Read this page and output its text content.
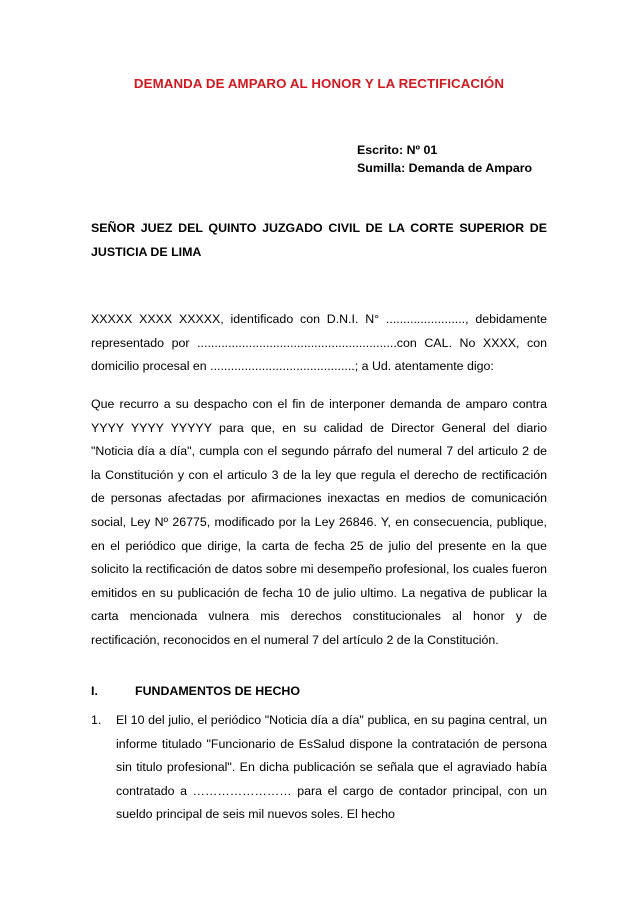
DEMANDA DE AMPARO AL HONOR Y LA RECTIFICACIÓN
Escrito: Nº 01
Sumilla: Demanda de Amparo
SEÑOR JUEZ DEL QUINTO JUZGADO CIVIL DE LA CORTE SUPERIOR DE JUSTICIA DE LIMA
XXXXX XXXX XXXXX, identificado con D.N.I. N° ......................., debidamente representado por ..........................................................con CAL. No XXXX, con domicilio procesal en ..........................................; a Ud. atentamente digo:
Que recurro a su despacho con el fin de interponer demanda de amparo contra YYYY YYYY YYYYY para que, en su calidad de Director General del diario "Noticia día a día", cumpla con el segundo párrafo del numeral 7 del articulo 2 de la Constitución y con el articulo 3 de la ley que regula el derecho de rectificación de personas afectadas por afirmaciones inexactas en medios de comunicación social, Ley Nº 26775, modificado por la Ley 26846. Y, en consecuencia, publique, en el periódico que dirige, la carta de fecha 25 de julio del presente en la que solicito la rectificación de datos sobre mi desempeño profesional, los cuales fueron emitidos en su publicación de fecha 10 de julio ultimo. La negativa de publicar la carta mencionada vulnera mis derechos constitucionales al honor y de rectificación, reconocidos en el numeral 7 del artículo 2 de la Constitución.
I.	FUNDAMENTOS DE HECHO
1. El 10 del julio, el periódico "Noticia día a día" publica, en su pagina central, un informe titulado "Funcionario de EsSalud dispone la contratación de persona sin titulo profesional". En dicha publicación se señala que el agraviado había contratado a …………………… para el cargo de contador principal, con un sueldo principal de seis mil nuevos soles. El hecho
